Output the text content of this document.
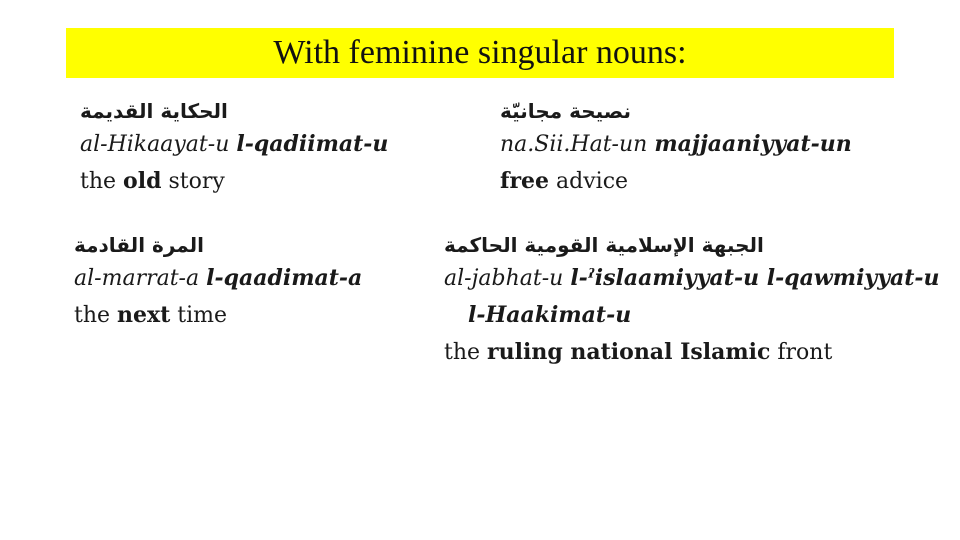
With feminine singular nouns:
الحكاية القديمة
al-Hikaayat-u l-qadiimat-u
the old story
نصيحة مجانيّة
na.Sii.Hat-un majjaaniyyat-un
free advice
المرة القادمة
al-marrat-a l-qaadimat-a
the next time
الجبهة الإسلامية القومية الحاكمة
al-jabhat-u l-ˀislaamiyyat-u l-qawmiyyat-u
l-Haakimat-u
the ruling national Islamic front
